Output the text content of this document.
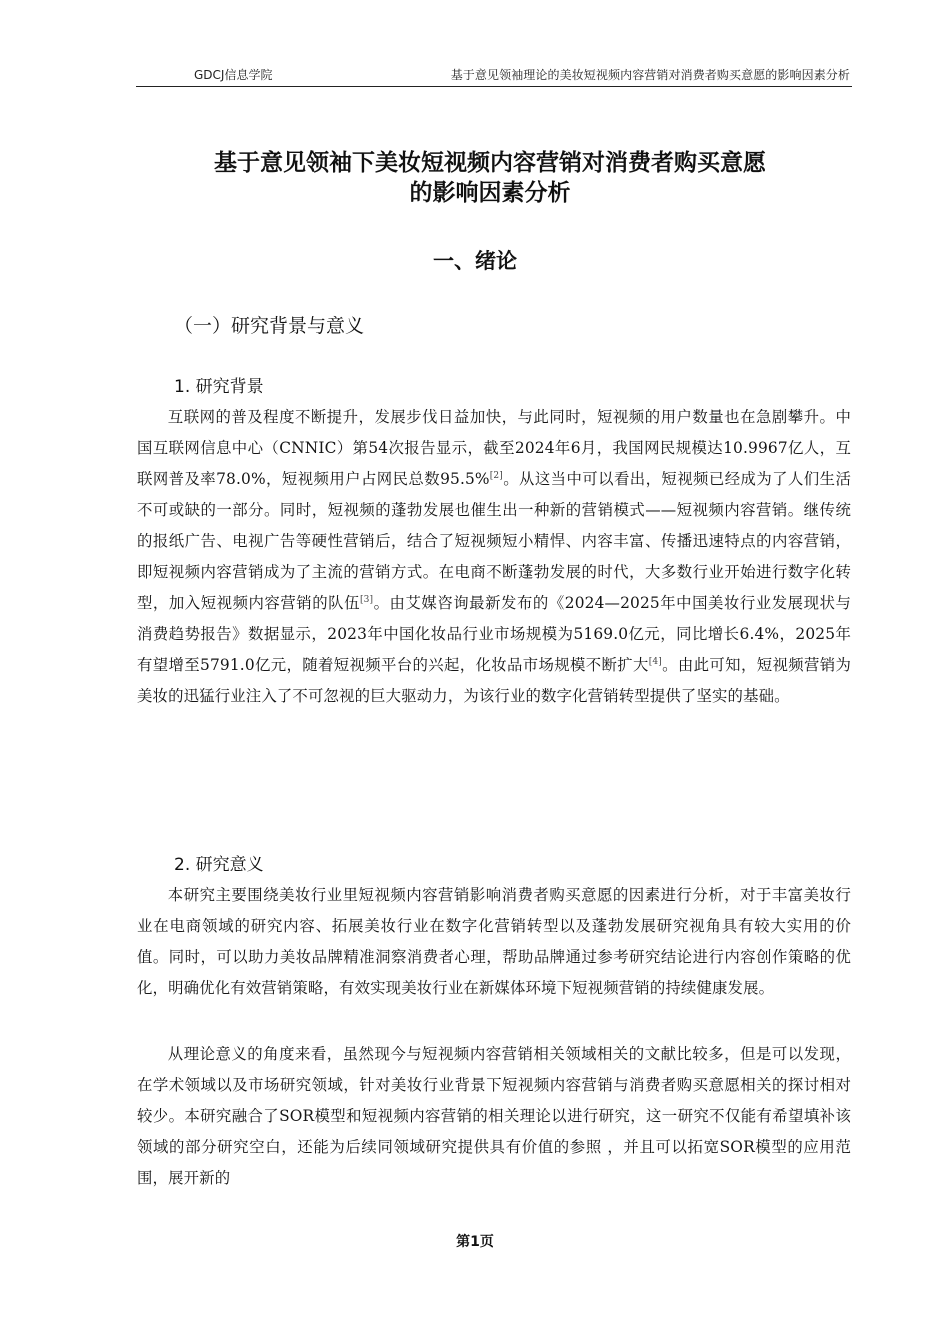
GDCJ信息学院	基于意见领袖理论的美妆短视频内容营销对消费者购买意愿的影响因素分析
基于意见领袖下美妆短视频内容营销对消费者购买意愿
的影响因素分析
一、绪论
（一）研究背景与意义
1. 研究背景

互联网的普及程度不断提升，发展步伐日益加快，与此同时，短视频的用户数量也在急剧攀升。中国互联网信息中心（CNNIC）第54次报告显示，截至2024年6月，我国网民规模达10.9967亿人，互联网普及率78.0%，短视频用户占网民总数95.5%[2]。从这当中可以看出，短视频已经成为了人们生活不可或缺的一部分。同时，短视频的蓬勃发展也催生出一种新的营销模式——短视频内容营销。继传统的报纸广告、电视广告等硬性营销后，结合了短视频短小精悍、内容丰富、传播迅速特点的内容营销，即短视频内容营销成为了主流的营销方式。在电商不断蓬勃发展的时代，大多数行业开始进行数字化转型，加入短视频内容营销的队伍[3]。由艾媒咨询最新发布的《2024—2025年中国美妆行业发展现状与消费趋势报告》数据显示，2023年中国化妆品行业市场规模为5169.0亿元，同比增长6.4%，2025年有望增至5791.0亿元，随着短视频平台的兴起，化妆品市场规模不断扩大[4]。由此可知，短视频营销为美妆的迅猛行业注入了不可忽视的巨大驱动力，为该行业的数字化营销转型提供了坚实的基础。

2. 研究意义

本研究主要围绕美妆行业里短视频内容营销影响消费者购买意愿的因素进行分析，对于丰富美妆行业在电商领域的研究内容、拓展美妆行业在数字化营销转型以及蓬勃发展研究视角具有较大实用的价值。同时，可以助力美妆品牌精准洞察消费者心理，帮助品牌通过参考研究结论进行内容创作策略的优化，明确优化有效营销策略，有效实现美妆行业在新媒体环境下短视频营销的持续健康发展。

从理论意义的角度来看，虽然现今与短视频内容营销相关领域相关的文献比较多，但是可以发现，在学术领域以及市场研究领域，针对美妆行业背景下短视频内容营销与消费者购买意愿相关的探讨相对较少。本研究融合了SOR模型和短视频内容营销的相关理论以进行研究，这一研究不仅能有希望填补该领域的部分研究空白，还能为后续同领域研究提供具有价值的参照 ，并且可以拓宽SOR模型的应用范围，展开新的

第1页
